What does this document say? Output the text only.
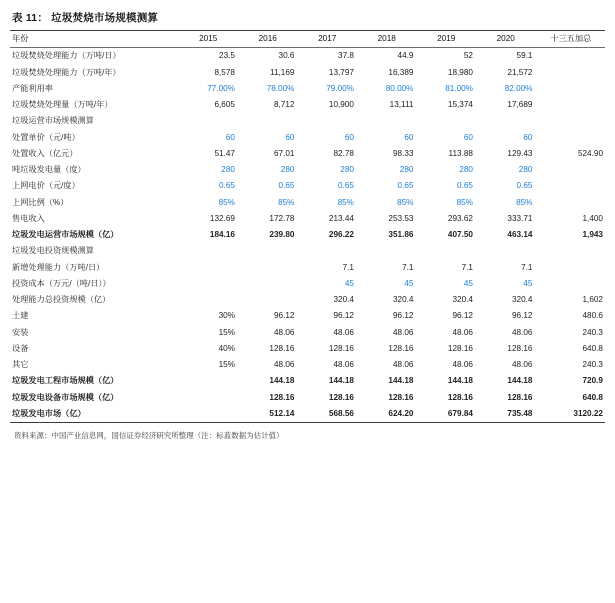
表 11： 垃圾焚烧市场规模测算
年份	2015	2016	2017	2018	2019	2020	十三五加总
垃圾焚烧处理能力（万吨/日）	23.5	30.6	37.8	44.9	52	59.1	
垃圾焚烧处理能力（万吨/年）	8,578	11,169	13,797	16,389	18,980	21,572	
产能利用率	77.00%	78.00%	79.00%	80.00%	81.00%	82.00%	
垃圾焚烧处理量（万吨/年）	6,605	8,712	10,900	13,111	15,374	17,689	
垃圾运营市场规模测算							
处置单价（元/吨）	60	60	60	60	60	60	
处置收入（亿元）	51.47	67.01	82.78	98.33	113.88	129.43	524.90
吨垃圾发电量（度）	280	280	280	280	280	280	
上网电价（元/度）	0.65	0.65	0.65	0.65	0.65	0.65	
上网比例（%）	85%	85%	85%	85%	85%	85%	
售电收入	132.69	172.78	213.44	253.53	293.62	333.71	1,400
垃圾发电运营市场规模（亿）	184.16	239.80	296.22	351.86	407.50	463.14	1,943
垃圾发电投资规模测算							
新增处理能力（万吨/日）			7.1	7.1	7.1	7.1	
投资成本（万元/（吨/日））			45	45	45	45	
处理能力总投资规模（亿）			320.4	320.4	320.4	320.4	1,602
土建	30%	96.12	96.12	96.12	96.12	96.12	480.6
安装	15%	48.06	48.06	48.06	48.06	48.06	240.3
设备	40%	128.16	128.16	128.16	128.16	128.16	640.8
其它	15%	48.06	48.06	48.06	48.06	48.06	240.3
垃圾发电工程市场规模（亿）		144.18	144.18	144.18	144.18	144.18	720.9
垃圾发电设备市场规模（亿）		128.16	128.16	128.16	128.16	128.16	640.8
垃圾发电市场（亿）		512.14	568.56	624.20	679.84	735.48	3120.22
资料来源：中国产业信息网，国信证券经济研究所整理（注：标蓝数据为估计值）
